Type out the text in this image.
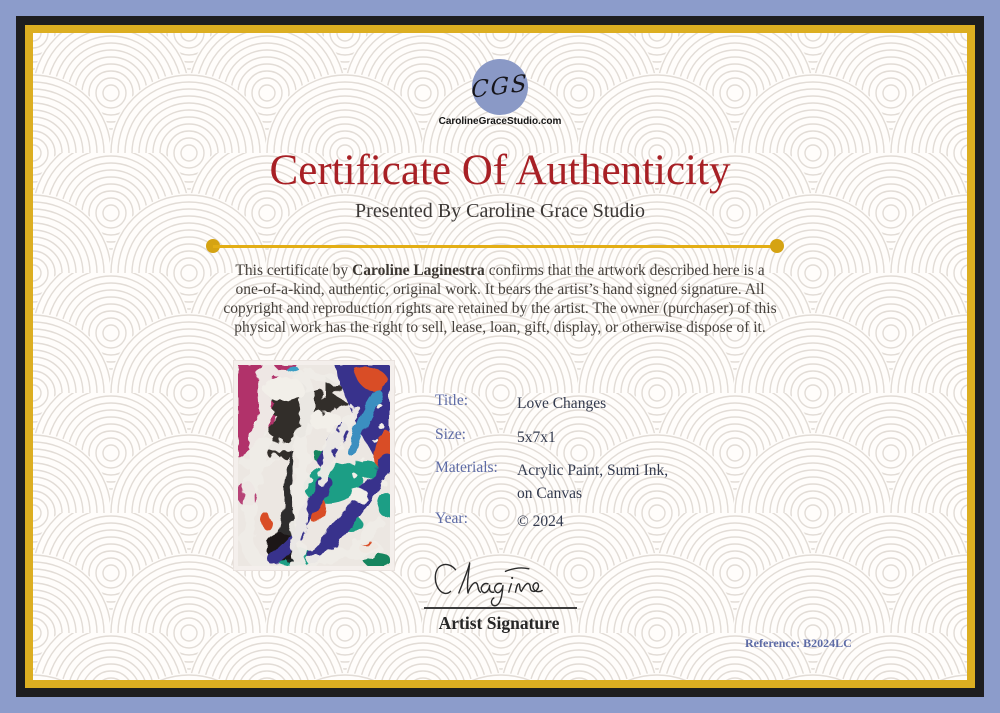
CGS
CarolineGraceStudio.com
Certificate Of Authenticity
Presented By Caroline Grace Studio
This certificate by Caroline Laginestra confirms that the artwork described here is a one-of-a-kind, authentic, original work. It bears the artist’s hand signed signature. All copyright and reproduction rights are retained by the artist. The owner (purchaser) of this physical work has the right to sell, lease, loan, gift, display, or otherwise dispose of it.
Title:	Love Changes
Size:	5x7x1
Materials: Acrylic Paint, Sumi Ink,
on Canvas
Year:	© 2024
Artist Signature
Reference: B2024LC
